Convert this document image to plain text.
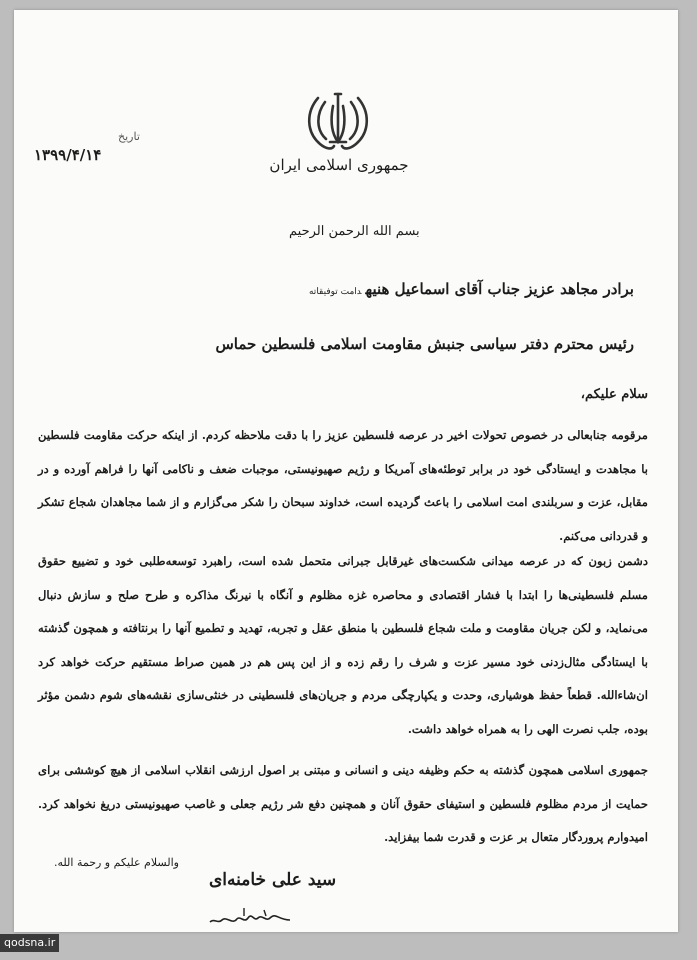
جمهوری اسلامی ایران
تاریخ
۱۳۹۹/۴/۱۴
بسم الله الرحمن الرحیم
برادر مجاهد عزیز جناب آقای اسماعیل هنیهدامت توفیقاته
رئیس محترم دفتر سیاسی جنبش مقاومت اسلامی فلسطین حماس
سلام علیکم،
مرقومه جنابعالی در خصوص تحولات اخیر در عرصه فلسطین عزیز را با دقت ملاحظه کردم. از اینکه حرکت مقاومت فلسطین با مجاهدت و ایستادگی خود در برابر توطئه‌های آمریکا و رژیم صهیونیستی، موجبات ضعف و ناکامی آنها را فراهم آورده و در مقابل، عزت و سربلندی امت اسلامی را باعث گردیده است، خداوند سبحان را شکر می‌گزارم و از شما مجاهدان شجاع تشکر و قدردانی می‌کنم.
دشمن زبون که در عرصه میدانی شکست‌های غیرقابل جبرانی متحمل شده است، راهبرد توسعه‌طلبی خود و تضییع حقوق مسلم فلسطینی‌ها را ابتدا با فشار اقتصادی و محاصره غزه مظلوم و آنگاه با نیرنگ مذاکره و طرح صلح و سازش دنبال می‌نماید، و لکن جریان مقاومت و ملت شجاع فلسطین با منطق عقل و تجربه، تهدید و تطمیع آنها را برنتافته و همچون گذشته با ایستادگی مثال‌زدنی خود مسیر عزت و شرف را رقم زده و از این پس هم در همین صراط مستقیم حرکت خواهد کرد ان‌شاءالله. قطعاً حفظ هوشیاری، وحدت و یکپارچگی مردم و جریان‌های فلسطینی در خنثی‌سازی نقشه‌های شوم دشمن مؤثر بوده، جلب نصرت الهی را به همراه خواهد داشت.
جمهوری اسلامی همچون گذشته به حکم وظیفه دینی و انسانی و مبتنی بر اصول ارزشی انقلاب اسلامی از هیچ کوششی برای حمایت از مردم مظلوم فلسطین و استیفای حقوق آنان و همچنین دفع شر رژیم جعلی و غاصب صهیونیستی دریغ نخواهد کرد. امیدوارم پروردگار متعال بر عزت و قدرت شما بیفزاید.
والسلام علیکم و رحمة الله.
سید علی خامنه‌ای
qodsna.ir
